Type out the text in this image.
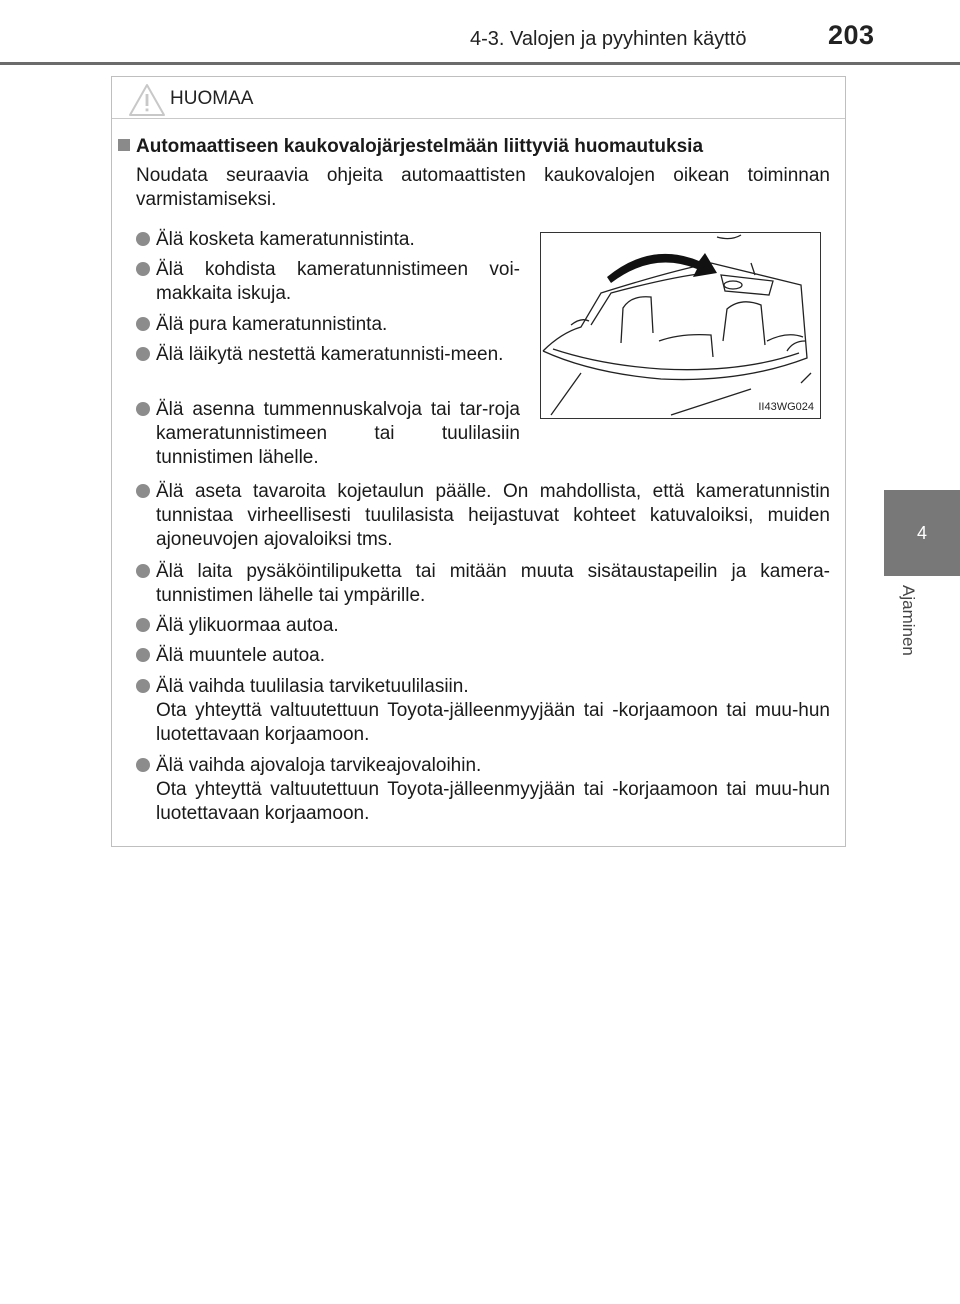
4-3. Valojen ja pyyhinten käyttö	203
4
Ajaminen
HUOMAA
Automaattiseen kaukovalojärjestelmään liittyviä huomautuksia
Noudata seuraavia ohjeita automaattisten kaukovalojen oikean toiminnan varmistamiseksi.
Älä kosketa kameratunnistinta.
Älä kohdista kameratunnistimeen voi-makkaita iskuja.
Älä pura kameratunnistinta.
Älä läikytä nestettä kameratunnisti-meen.
Älä asenna tummennuskalvoja tai tar-roja kameratunnistimeen tai tuulilasiin tunnistimen lähelle.
II43WG024
Älä aseta tavaroita kojetaulun päälle. On mahdollista, että kameratunnistin tunnistaa virheellisesti tuulilasista heijastuvat kohteet katuvaloiksi, muiden ajoneuvojen ajovaloiksi tms.
Älä laita pysäköintilipuketta tai mitään muuta sisätaustapeilin ja kamera-tunnistimen lähelle tai ympärille.
Älä ylikuormaa autoa.
Älä muuntele autoa.
Älä vaihda tuulilasia tarviketuulilasiin.
Ota yhteyttä valtuutettuun Toyota-jälleenmyyjään tai -korjaamoon tai muu-hun luotettavaan korjaamoon.
Älä vaihda ajovaloja tarvikeajovaloihin.
Ota yhteyttä valtuutettuun Toyota-jälleenmyyjään tai -korjaamoon tai muu-hun luotettavaan korjaamoon.
